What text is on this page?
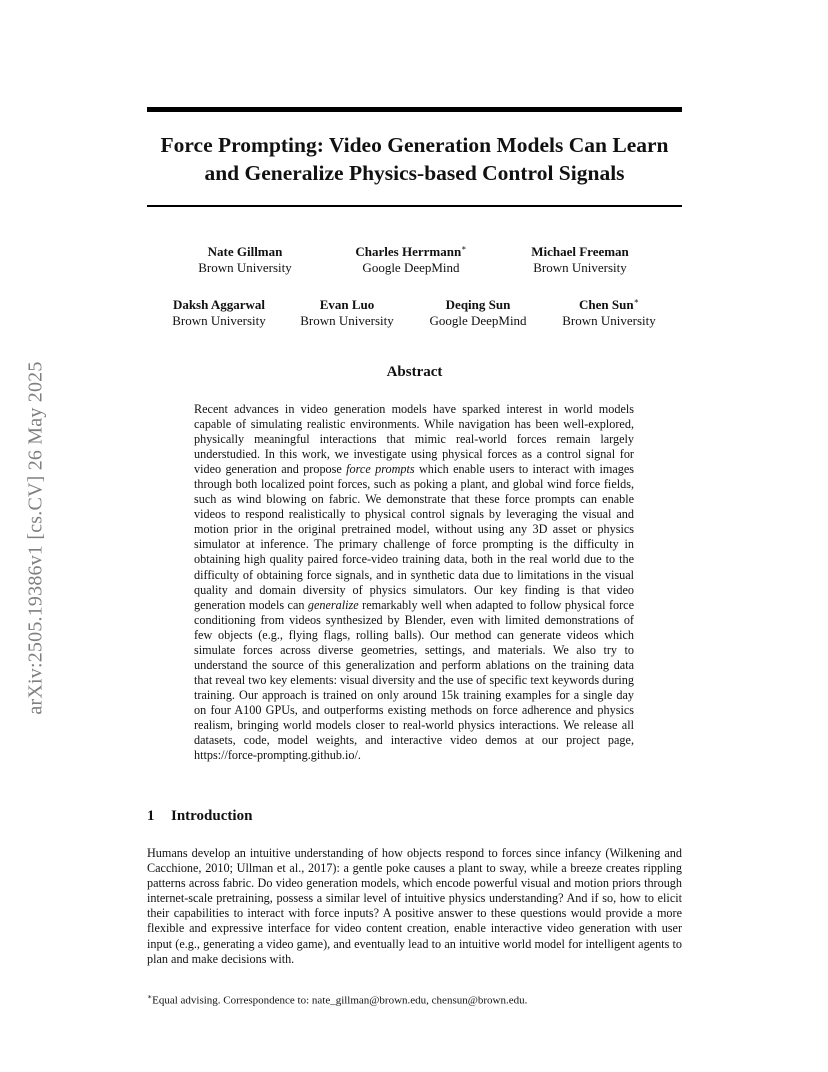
arXiv:2505.19386v1 [cs.CV] 26 May 2025
Force Prompting: Video Generation Models Can Learn and Generalize Physics-based Control Signals
Nate Gillman
Brown University
Charles Herrmann∗
Google DeepMind
Michael Freeman
Brown University
Daksh Aggarwal
Brown University
Evan Luo
Brown University
Deqing Sun
Google DeepMind
Chen Sun∗
Brown University
Abstract
Recent advances in video generation models have sparked interest in world models capable of simulating realistic environments. While navigation has been well-explored, physically meaningful interactions that mimic real-world forces remain largely understudied. In this work, we investigate using physical forces as a control signal for video generation and propose force prompts which enable users to interact with images through both localized point forces, such as poking a plant, and global wind force fields, such as wind blowing on fabric. We demonstrate that these force prompts can enable videos to respond realistically to physical control signals by leveraging the visual and motion prior in the original pretrained model, without using any 3D asset or physics simulator at inference. The primary challenge of force prompting is the difficulty in obtaining high quality paired force-video training data, both in the real world due to the difficulty of obtaining force signals, and in synthetic data due to limitations in the visual quality and domain diversity of physics simulators. Our key finding is that video generation models can generalize remarkably well when adapted to follow physical force conditioning from videos synthesized by Blender, even with limited demonstrations of few objects (e.g., flying flags, rolling balls). Our method can generate videos which simulate forces across diverse geometries, settings, and materials. We also try to understand the source of this generalization and perform ablations on the training data that reveal two key elements: visual diversity and the use of specific text keywords during training. Our approach is trained on only around 15k training examples for a single day on four A100 GPUs, and outperforms existing methods on force adherence and physics realism, bringing world models closer to real-world physics interactions. We release all datasets, code, model weights, and interactive video demos at our project page, https://force-prompting.github.io/.
1 Introduction
Humans develop an intuitive understanding of how objects respond to forces since infancy (Wilkening and Cacchione, 2010; Ullman et al., 2017): a gentle poke causes a plant to sway, while a breeze creates rippling patterns across fabric. Do video generation models, which encode powerful visual and motion priors through internet-scale pretraining, possess a similar level of intuitive physics understanding? And if so, how to elicit their capabilities to interact with force inputs? A positive answer to these questions would provide a more flexible and expressive interface for video content creation, enable interactive video generation with user input (e.g., generating a video game), and eventually lead to an intuitive world model for intelligent agents to plan and make decisions with.
∗Equal advising. Correspondence to: nate_gillman@brown.edu, chensun@brown.edu.
